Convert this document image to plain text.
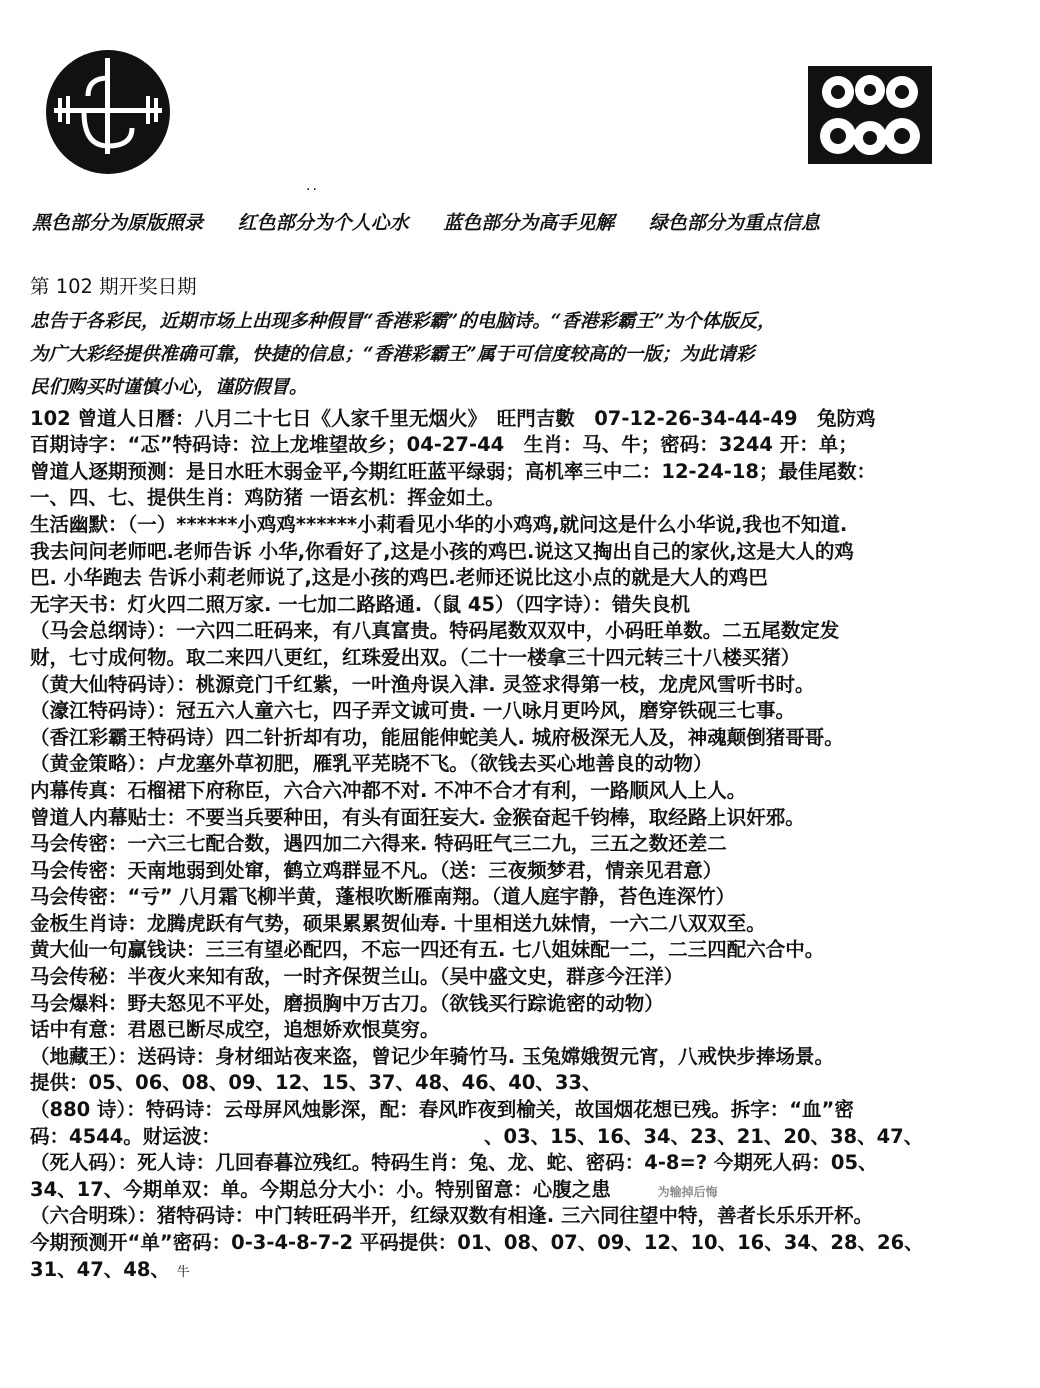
..
黑色部分为原版照录 红色部分为个人心水 蓝色部分为高手见解 绿色部分为重点信息
第 102 期开奖日期
忠告于各彩民，近期市场上出现多种假冒“香港彩霸”的电脑诗。“香港彩霸王”为个体版反，
为广大彩经提供准确可靠，快捷的信息；“香港彩霸王”属于可信度较高的一版；为此请彩
民们购买时谨慎小心，谨防假冒。
102 曾道人日曆：八月二十七日《人家千里无烟火》　旺門吉數　07-12-26-34-44-49　兔防鸡
百期诗字：“忑”特码诗：泣上龙堆望故乡；04-27-44　生肖：马、牛；密码：3244 开：单；
曾道人逐期预测：是日水旺木弱金平,今期红旺蓝平绿弱；高机率三中二：12-24-18；最佳尾数：
一、四、七、提供生肖：鸡防猪 一语玄机：挥金如土。
生活幽默：（一）******小鸡鸡******小莉看见小华的小鸡鸡,就问这是什么小华说,我也不知道.
我去问问老师吧.老师告诉 小华,你看好了,这是小孩的鸡巴.说这又掏出自己的家伙,这是大人的鸡
巴. 小华跑去 告诉小莉老师说了,这是小孩的鸡巴.老师还说比这小点的就是大人的鸡巴
无字天书：灯火四二照万家. 一七加二路路通.（鼠 45）（四字诗）：错失良机
（马会总纲诗）：一六四二旺码来，有八真富贵。特码尾数双双中，小码旺单数。二五尾数定发
财，七寸成何物。取二来四八更红，红珠爱出双。（二十一楼拿三十四元转三十八楼买猪）
（黄大仙特码诗）：桃源竞门千红紫，一叶渔舟误入津. 灵签求得第一枝，龙虎风雪听书时。
（濠江特码诗）：冠五六人童六七，四子弄文诚可贵. 一八咏月更吟风，磨穿铁砚三七事。
（香江彩霸王特码诗）四二针折却有功，能屈能伸蛇美人. 城府极深无人及，神魂颠倒猪哥哥。
（黄金策略）：卢龙塞外草初肥，雁乳平芜晓不飞。（欲钱去买心地善良的动物）
内幕传真：石榴裙下府称臣，六合六冲都不对. 不冲不合才有利，一路顺风人上人。
曾道人内幕贴士：不要当兵要种田，有头有面狂妄大. 金猴奋起千钧棒，取经路上识奸邪。
马会传密：一六三七配合数，遇四加二六得来. 特码旺气三二九，三五之数还差二
马会传密：天南地弱到处窜，鹤立鸡群显不凡。（送：三夜频梦君，情亲见君意）
马会传密：“亏” 八月霜飞柳半黄，蓬根吹断雁南翔。（道人庭宇静，苔色连深竹）
金板生肖诗：龙腾虎跃有气势，硕果累累贺仙寿. 十里相送九妹情，一六二八双双至。
黄大仙一句赢钱诀：三三有望必配四，不忘一四还有五. 七八姐妹配一二，二三四配六合中。
马会传秘：半夜火来知有敌，一时齐保贺兰山。（吴中盛文史，群彦今汪洋）
马会爆料：野夫怒见不平处，磨损胸中万古刀。（欲钱买行踪诡密的动物）
话中有意：君恩已断尽成空，追想娇欢恨莫穷。
（地藏王）：送码诗：身材细站夜来盗，曾记少年骑竹马. 玉兔嫦娥贺元宵，八戒快步捧场景。
提供：05、06、08、09、12、15、37、48、46、40、33、
（880 诗）：特码诗：云母屏风烛影深，配：春风昨夜到榆关，故国烟花想已残。拆字：“血”密
码：4544。财运波：　　　　　　　　　　　　　　、03、15、16、34、23、21、20、38、47、
（死人码）：死人诗：几回春暮泣残红。特码生肖：兔、龙、蛇、密码：4-8=? 今期死人码：05、
34、17、今期单双：单。今期总分大小：小。特别留意：心腹之患	为输掉后悔
（六合明珠）：猪特码诗：中门转旺码半开，红绿双数有相逢. 三六同往望中特，善者长乐乐开杯。
今期预测开“单”密码：0-3-4-8-7-2 平码提供：01、08、07、09、12、10、16、34、28、26、
31、47、48、 牛
